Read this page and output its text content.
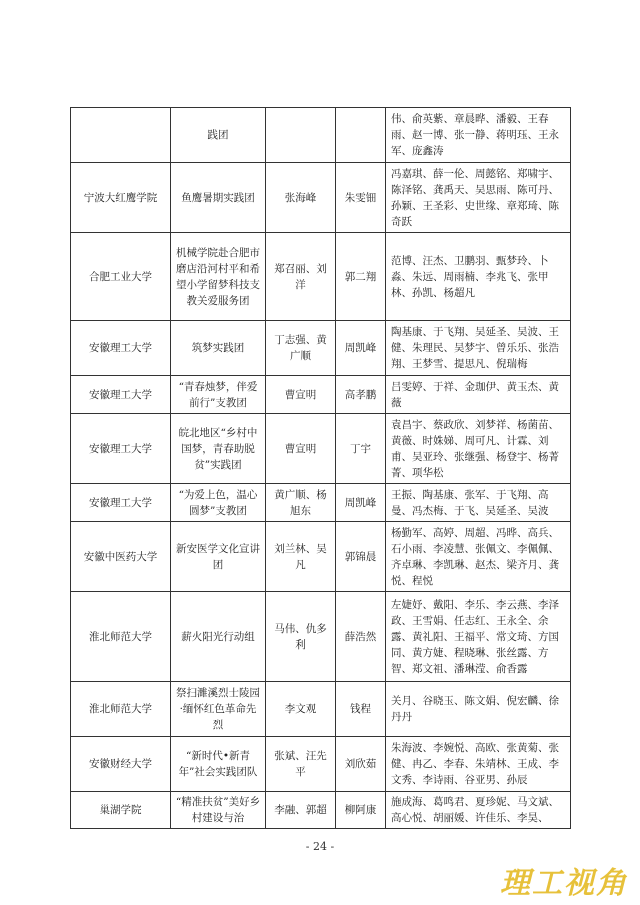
	践团			伟、俞英紫、章晨晔、潘毅、王春雨、赵一博、张一静、蒋明珏、王永军、庞鑫涛
宁波大红鹰学院	鱼鹰暑期实践团	张海峰	朱雯钿	冯嘉琪、薛一伦、周懿铭、郑啸宇、陈泽铭、龚禹天、吴思雨、陈可丹、孙颖、王圣彩、史世缘、章郑琦、陈奇跃
合肥工业大学	机械学院赴合肥市磨店沿河村平和希望小学留梦科技支教关爱服务团	郑召丽、刘洋	郭二翔	范博、汪杰、卫鹏羽、甄梦玲、卜淼、朱远、周雨楠、李兆飞、张甲林、孙凯、杨超凡
安徽理工大学	筑梦实践团	丁志强、黄广顺	周凯峰	陶基康、于飞翔、吴延圣、吴波、王健、朱理民、吴梦宇、曾乐乐、张浩翔、王梦雪、提思凡、倪瑞梅
安徽理工大学	“青春烛梦，伴爱前行”支教团	曹宣明	高孝鹏	吕雯婷、于祥、金珈伊、黄玉杰、黄薇
安徽理工大学	皖北地区“乡村中国梦，青春助脱贫”实践团	曹宣明	丁宇	袁昌宇、蔡政欣、刘梦祥、杨菌苗、黄薇、时姝娣、周可凡、计霖、刘甫、吴亚玲、张继强、杨登宇、杨菁菁、项华松
安徽理工大学	“为爱上色，温心圆梦”支教团	黄广顺、杨旭东	周凯峰	王振、陶基康、张军、于飞翔、高曼、冯杰梅、于飞、吴延圣、吴波
安徽中医药大学	新安医学文化宣讲团	刘兰林、吴凡	郭锦晨	杨勤军、高婷、周超、冯晔、高兵、石小雨、李凌慧、张佩文、李佩佩、齐卓琳、李凯琳、赵杰、梁齐月、龚悦、程悦
淮北师范大学	薪火阳光行动组	马伟、仇多利	薛浩然	左婕妤、戴阳、李乐、李云燕、李泽政、王雪娟、任志红、王永全、余露、黄礼阳、王福平、常文琦、方国同、黄方婕、程晓琳、张丝露、方智、郑文祖、潘琳滢、俞香露
淮北师范大学	祭扫濉溪烈士陵园·缅怀红色革命先烈	李文观	钱程	关月、谷晓玉、陈文娟、倪宏麟、徐丹丹
安徽财经大学	“新时代•新青年”社会实践团队	张斌、汪先平	刘欣茹	朱海波、李婉悦、高欧、张黄菊、张健、冉乙、李春、朱靖林、王成、李文秀、李诗雨、谷亚男、孙辰
巢湖学院	“精准扶贫”美好乡村建设与治	李融、郭超	柳阿康	施成海、葛鸣君、夏珍妮、马文斌、高心悦、胡丽媛、许佳乐、李昊、
- 24 -
理工视角
